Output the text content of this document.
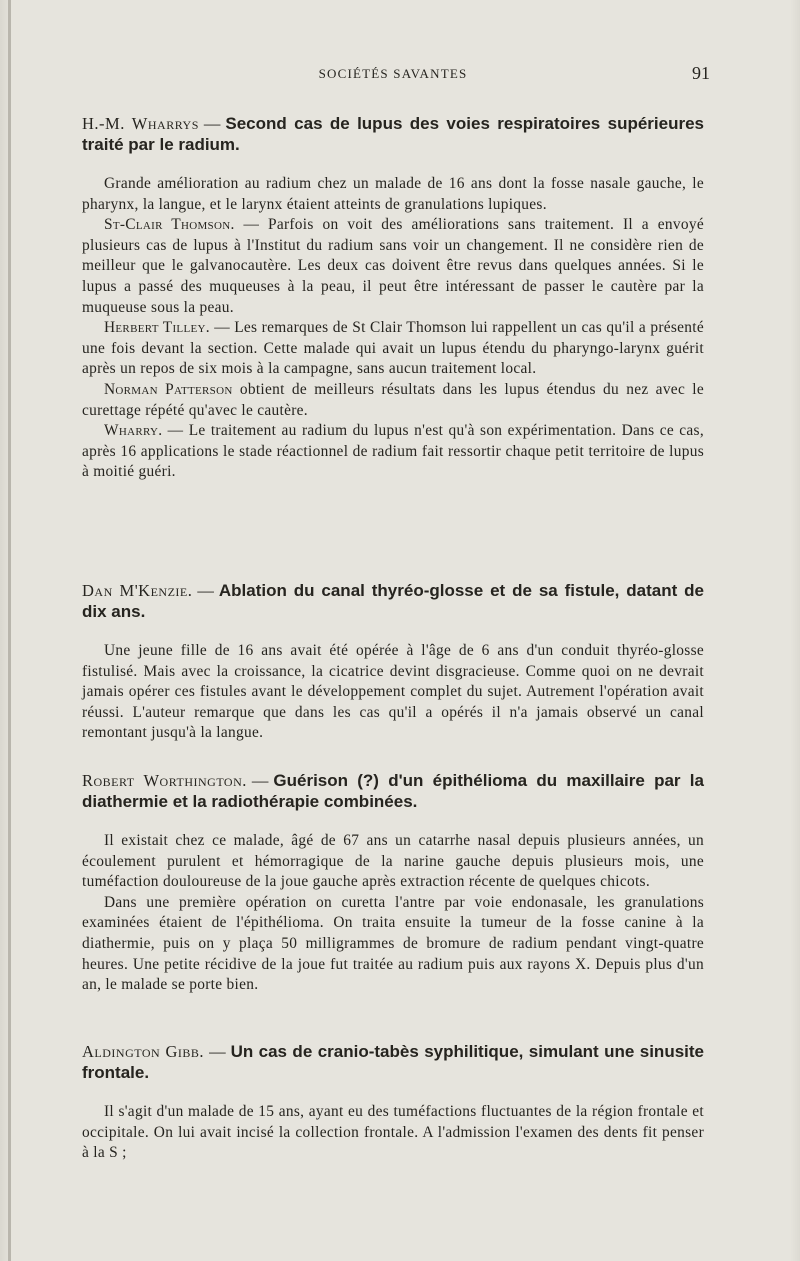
SOCIÉTÉS SAVANTES	91

H.-M. Wharrys — Second cas de lupus des voies respiratoires supérieures traité par le radium.

Grande amélioration au radium chez un malade de 16 ans dont la fosse nasale gauche, le pharynx, la langue, et le larynx étaient atteints de granulations lupiques.

St-Clair Thomson. — Parfois on voit des améliorations sans traitement. Il a envoyé plusieurs cas de lupus à l'Institut du radium sans voir un changement. Il ne considère rien de meilleur que le galvanocautère. Les deux cas doivent être revus dans quelques années. Si le lupus a passé des muqueuses à la peau, il peut être intéressant de passer le cautère par la muqueuse sous la peau.

Herbert Tilley. — Les remarques de St Clair Thomson lui rappellent un cas qu'il a présenté une fois devant la section. Cette malade qui avait un lupus étendu du pharyngo-larynx guérit après un repos de six mois à la campagne, sans aucun traitement local.

Norman Patterson obtient de meilleurs résultats dans les lupus étendus du nez avec le curettage répété qu'avec le cautère.

Wharry. — Le traitement au radium du lupus n'est qu'à son expérimentation. Dans ce cas, après 16 applications le stade réactionnel de radium fait ressortir chaque petit territoire de lupus à moitié guéri.

Dan M'Kenzie. — Ablation du canal thyréo-glosse et de sa fistule, datant de dix ans.

Une jeune fille de 16 ans avait été opérée à l'âge de 6 ans d'un conduit thyréo-glosse fistulisé. Mais avec la croissance, la cicatrice devint disgracieuse. Comme quoi on ne devrait jamais opérer ces fistules avant le développement complet du sujet. Autrement l'opération avait réussi. L'auteur remarque que dans les cas qu'il a opérés il n'a jamais observé un canal remontant jusqu'à la langue.

Robert Worthington. — Guérison (?) d'un épithélioma du maxillaire par la diathermie et la radiothérapie combinées.

Il existait chez ce malade, âgé de 67 ans un catarrhe nasal depuis plusieurs années, un écoulement purulent et hémorragique de la narine gauche depuis plusieurs mois, une tuméfaction douloureuse de la joue gauche après extraction récente de quelques chicots.

Dans une première opération on curetta l'antre par voie endonasale, les granulations examinées étaient de l'épithélioma. On traita ensuite la tumeur de la fosse canine à la diathermie, puis on y plaça 50 milligrammes de bromure de radium pendant vingt-quatre heures. Une petite récidive de la joue fut traitée au radium puis aux rayons X. Depuis plus d'un an, le malade se porte bien.

Aldington Gibb. — Un cas de cranio-tabès syphilitique, simulant une sinusite frontale.

Il s'agit d'un malade de 15 ans, ayant eu des tuméfactions fluctuantes de la région frontale et occipitale. On lui avait incisé la collection frontale. A l'admission l'examen des dents fit penser à la S ;
